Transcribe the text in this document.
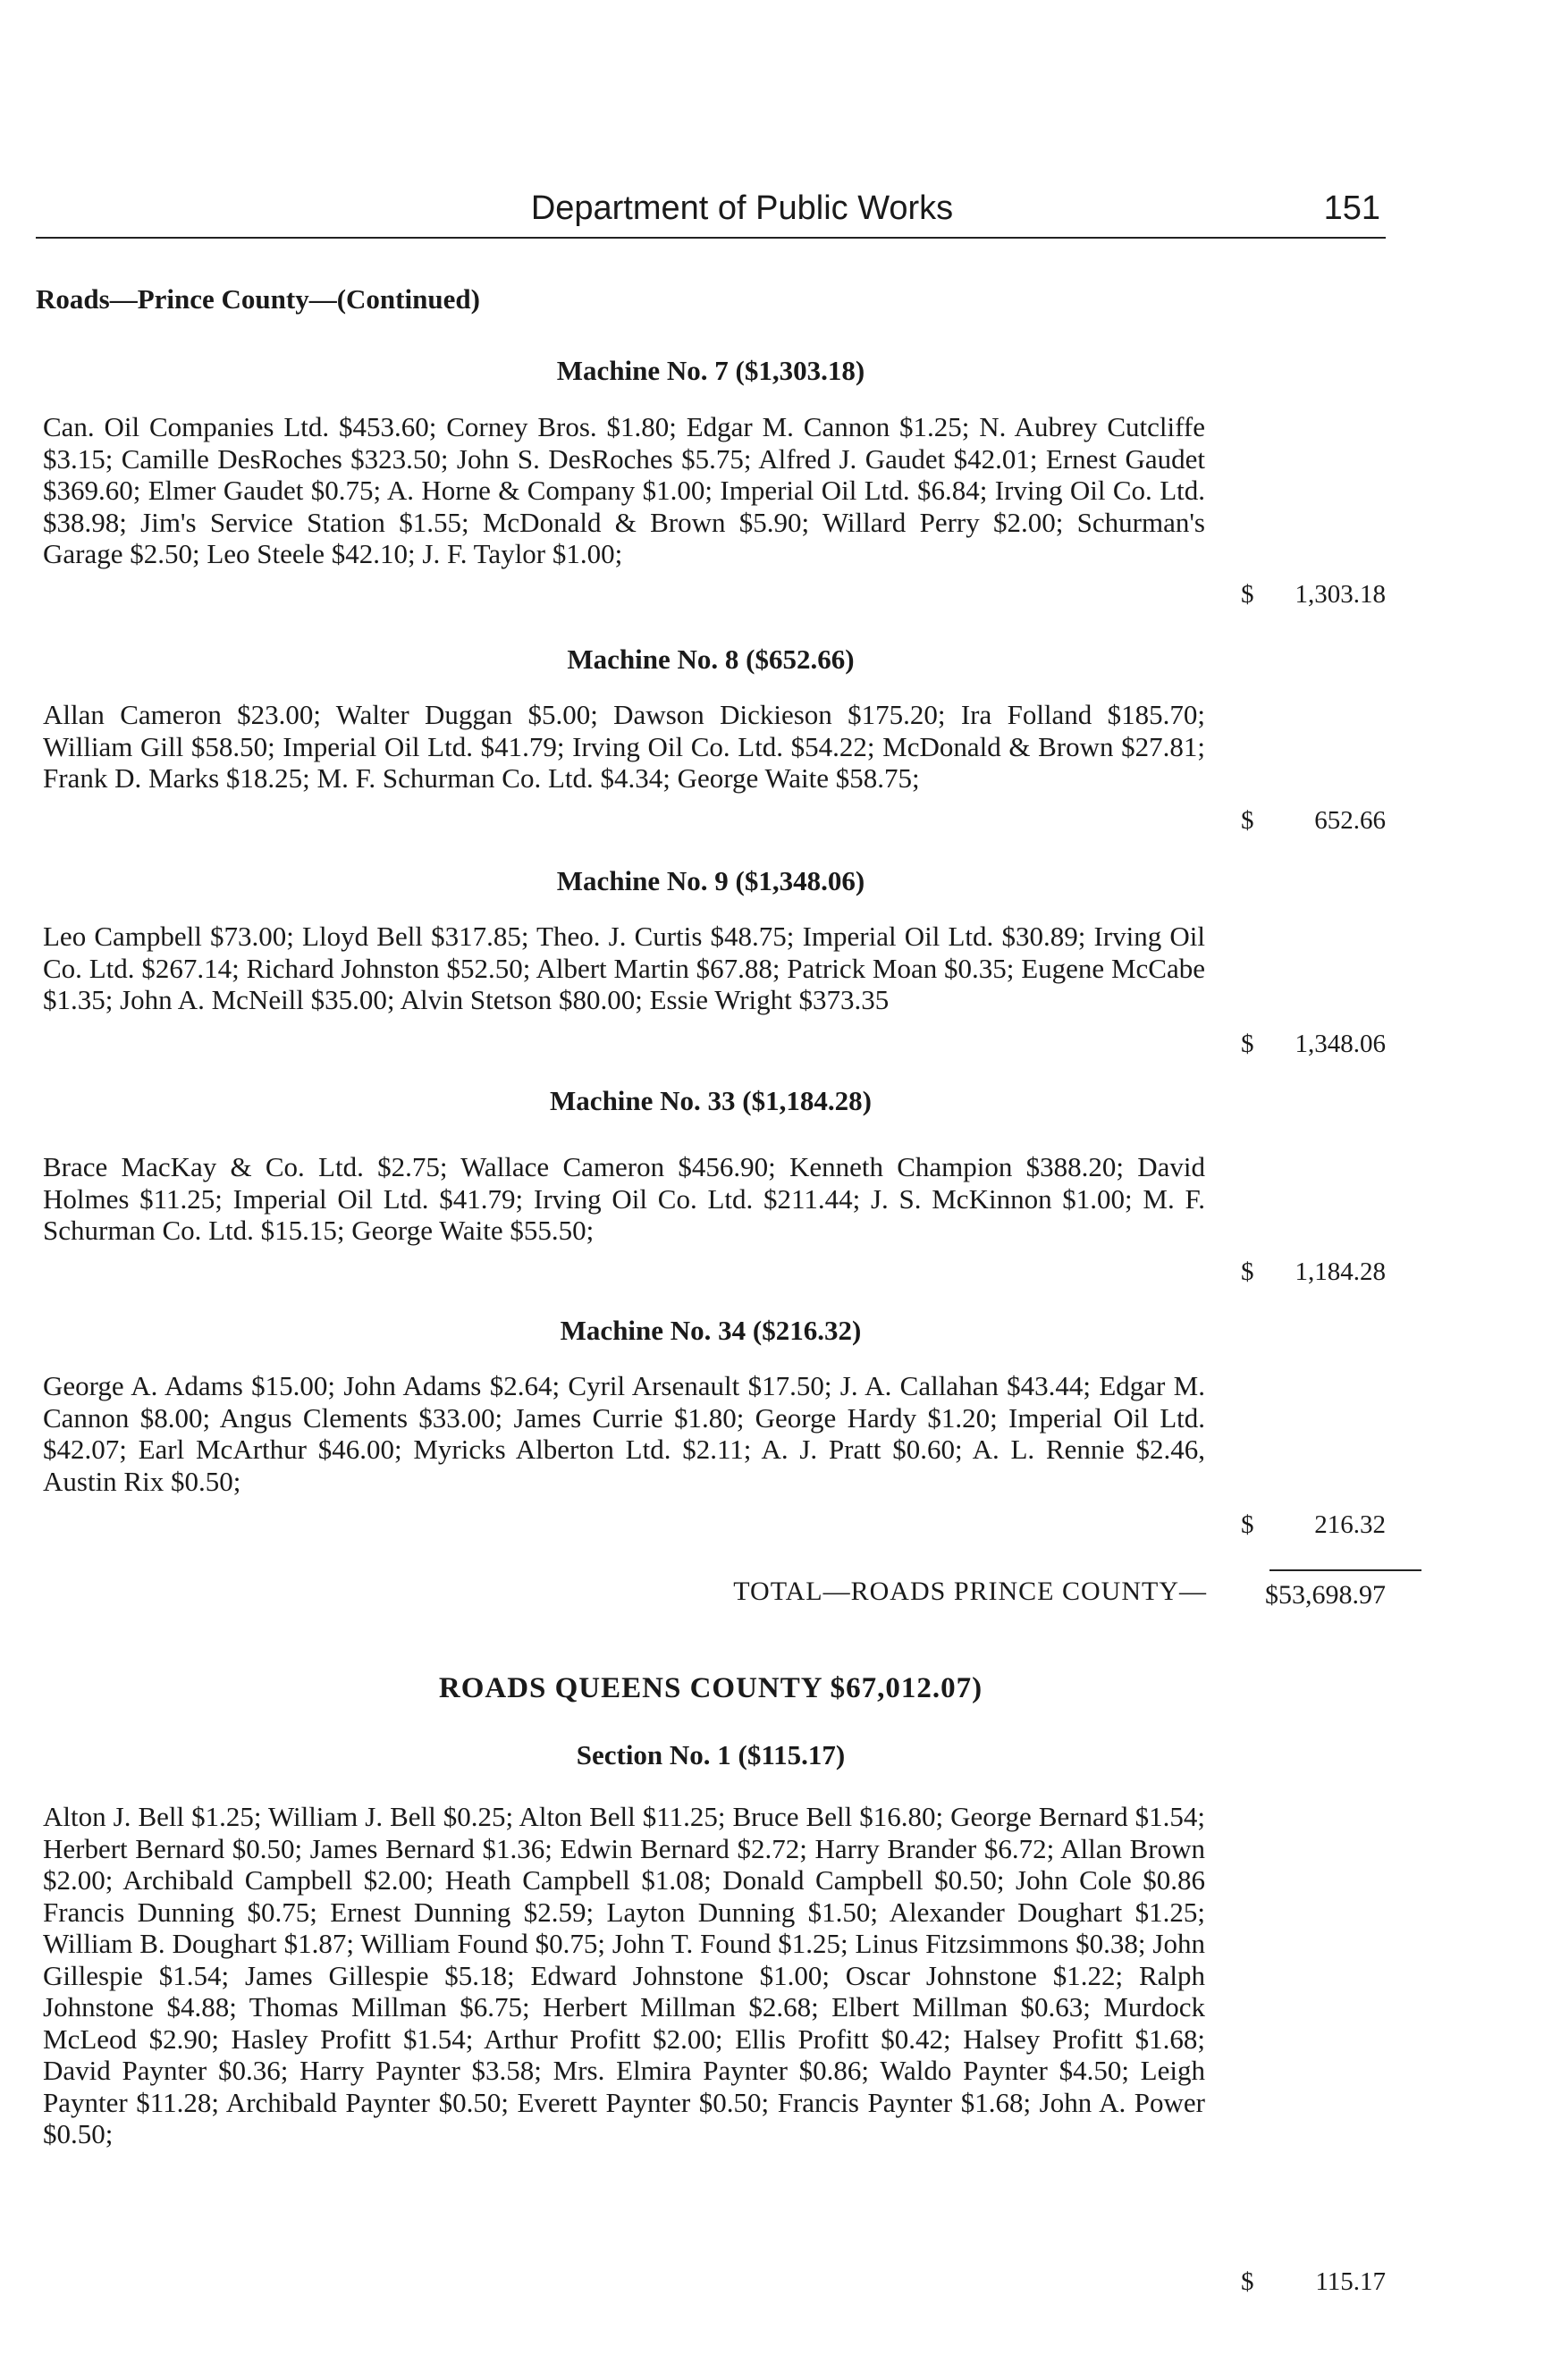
Department of Public Works	151
Roads—Prince County—(Continued)
Machine No. 7 ($1,303.18)

Can. Oil Companies Ltd. $453.60; Corney Bros. $1.80; Edgar M. Cannon $1.25; N. Aubrey Cutcliffe $3.15; Camille DesRoches $323.50; John S. DesRoches $5.75; Alfred J. Gaudet $42.01; Ernest Gaudet $369.60; Elmer Gaudet $0.75; A. Horne & Company $1.00; Imperial Oil Ltd. $6.84; Irving Oil Co. Ltd. $38.98; Jim's Service Station $1.55; McDonald & Brown $5.90; Willard Perry $2.00; Schurman's Garage $2.50; Leo Steele $42.10; J. F. Taylor $1.00;

$ 1,303.18
Machine No. 8 ($652.66)

Allan Cameron $23.00; Walter Duggan $5.00; Dawson Dickieson $175.20; Ira Folland $185.70; William Gill $58.50; Imperial Oil Ltd. $41.79; Irving Oil Co. Ltd. $54.22; McDonald & Brown $27.81; Frank D. Marks $18.25; M. F. Schurman Co. Ltd. $4.34; George Waite $58.75;

$ 652.66
Machine No. 9 ($1,348.06)

Leo Campbell $73.00; Lloyd Bell $317.85; Theo. J. Curtis $48.75; Imperial Oil Ltd. $30.89; Irving Oil Co. Ltd. $267.14; Richard Johnston $52.50; Albert Martin $67.88; Patrick Moan $0.35; Eugene McCabe $1.35; John A. McNeill $35.00; Alvin Stetson $80.00; Essie Wright $373.35

$ 1,348.06
Machine No. 33 ($1,184.28)

Brace MacKay & Co. Ltd. $2.75; Wallace Cameron $456.90; Kenneth Champion $388.20; David Holmes $11.25; Imperial Oil Ltd. $41.79; Irving Oil Co. Ltd. $211.44; J. S. McKinnon $1.00; M. F. Schurman Co. Ltd. $15.15; George Waite $55.50;

$ 1,184.28
Machine No. 34 ($216.32)

George A. Adams $15.00; John Adams $2.64; Cyril Arsenault $17.50; J. A. Callahan $43.44; Edgar M. Cannon $8.00; Angus Clements $33.00; James Currie $1.80; George Hardy $1.20; Imperial Oil Ltd. $42.07; Earl McArthur $46.00; Myricks Alberton Ltd. $2.11; A. J. Pratt $0.60; A. L. Rennie $2.46, Austin Rix $0.50;

$ 216.32
TOTAL—ROADS PRINCE COUNTY— $53,698.97
ROADS QUEENS COUNTY $67,012.07)
Section No. 1 ($115.17)

Alton J. Bell $1.25; William J. Bell $0.25; Alton Bell $11.25; Bruce Bell $16.80; George Bernard $1.54; Herbert Bernard $0.50; James Bernard $1.36; Edwin Bernard $2.72; Harry Brander $6.72; Allan Brown $2.00; Archibald Campbell $2.00; Heath Campbell $1.08; Donald Campbell $0.50; John Cole $0.86 Francis Dunning $0.75; Ernest Dunning $2.59; Layton Dunning $1.50; Alexander Doughart $1.25; William B. Doughart $1.87; William Found $0.75; John T. Found $1.25; Linus Fitzsimmons $0.38; John Gillespie $1.54; James Gillespie $5.18; Edward Johnstone $1.00; Oscar Johnstone $1.22; Ralph Johnstone $4.88; Thomas Millman $6.75; Herbert Millman $2.68; Elbert Millman $0.63; Murdock McLeod $2.90; Hasley Profitt $1.54; Arthur Profitt $2.00; Ellis Profitt $0.42; Halsey Profitt $1.68; David Paynter $0.36; Harry Paynter $3.58; Mrs. Elmira Paynter $0.86; Waldo Paynter $4.50; Leigh Paynter $11.28; Archibald Paynter $0.50; Everett Paynter $0.50; Francis Paynter $1.68; John A. Power $0.50;

$ 115.17
